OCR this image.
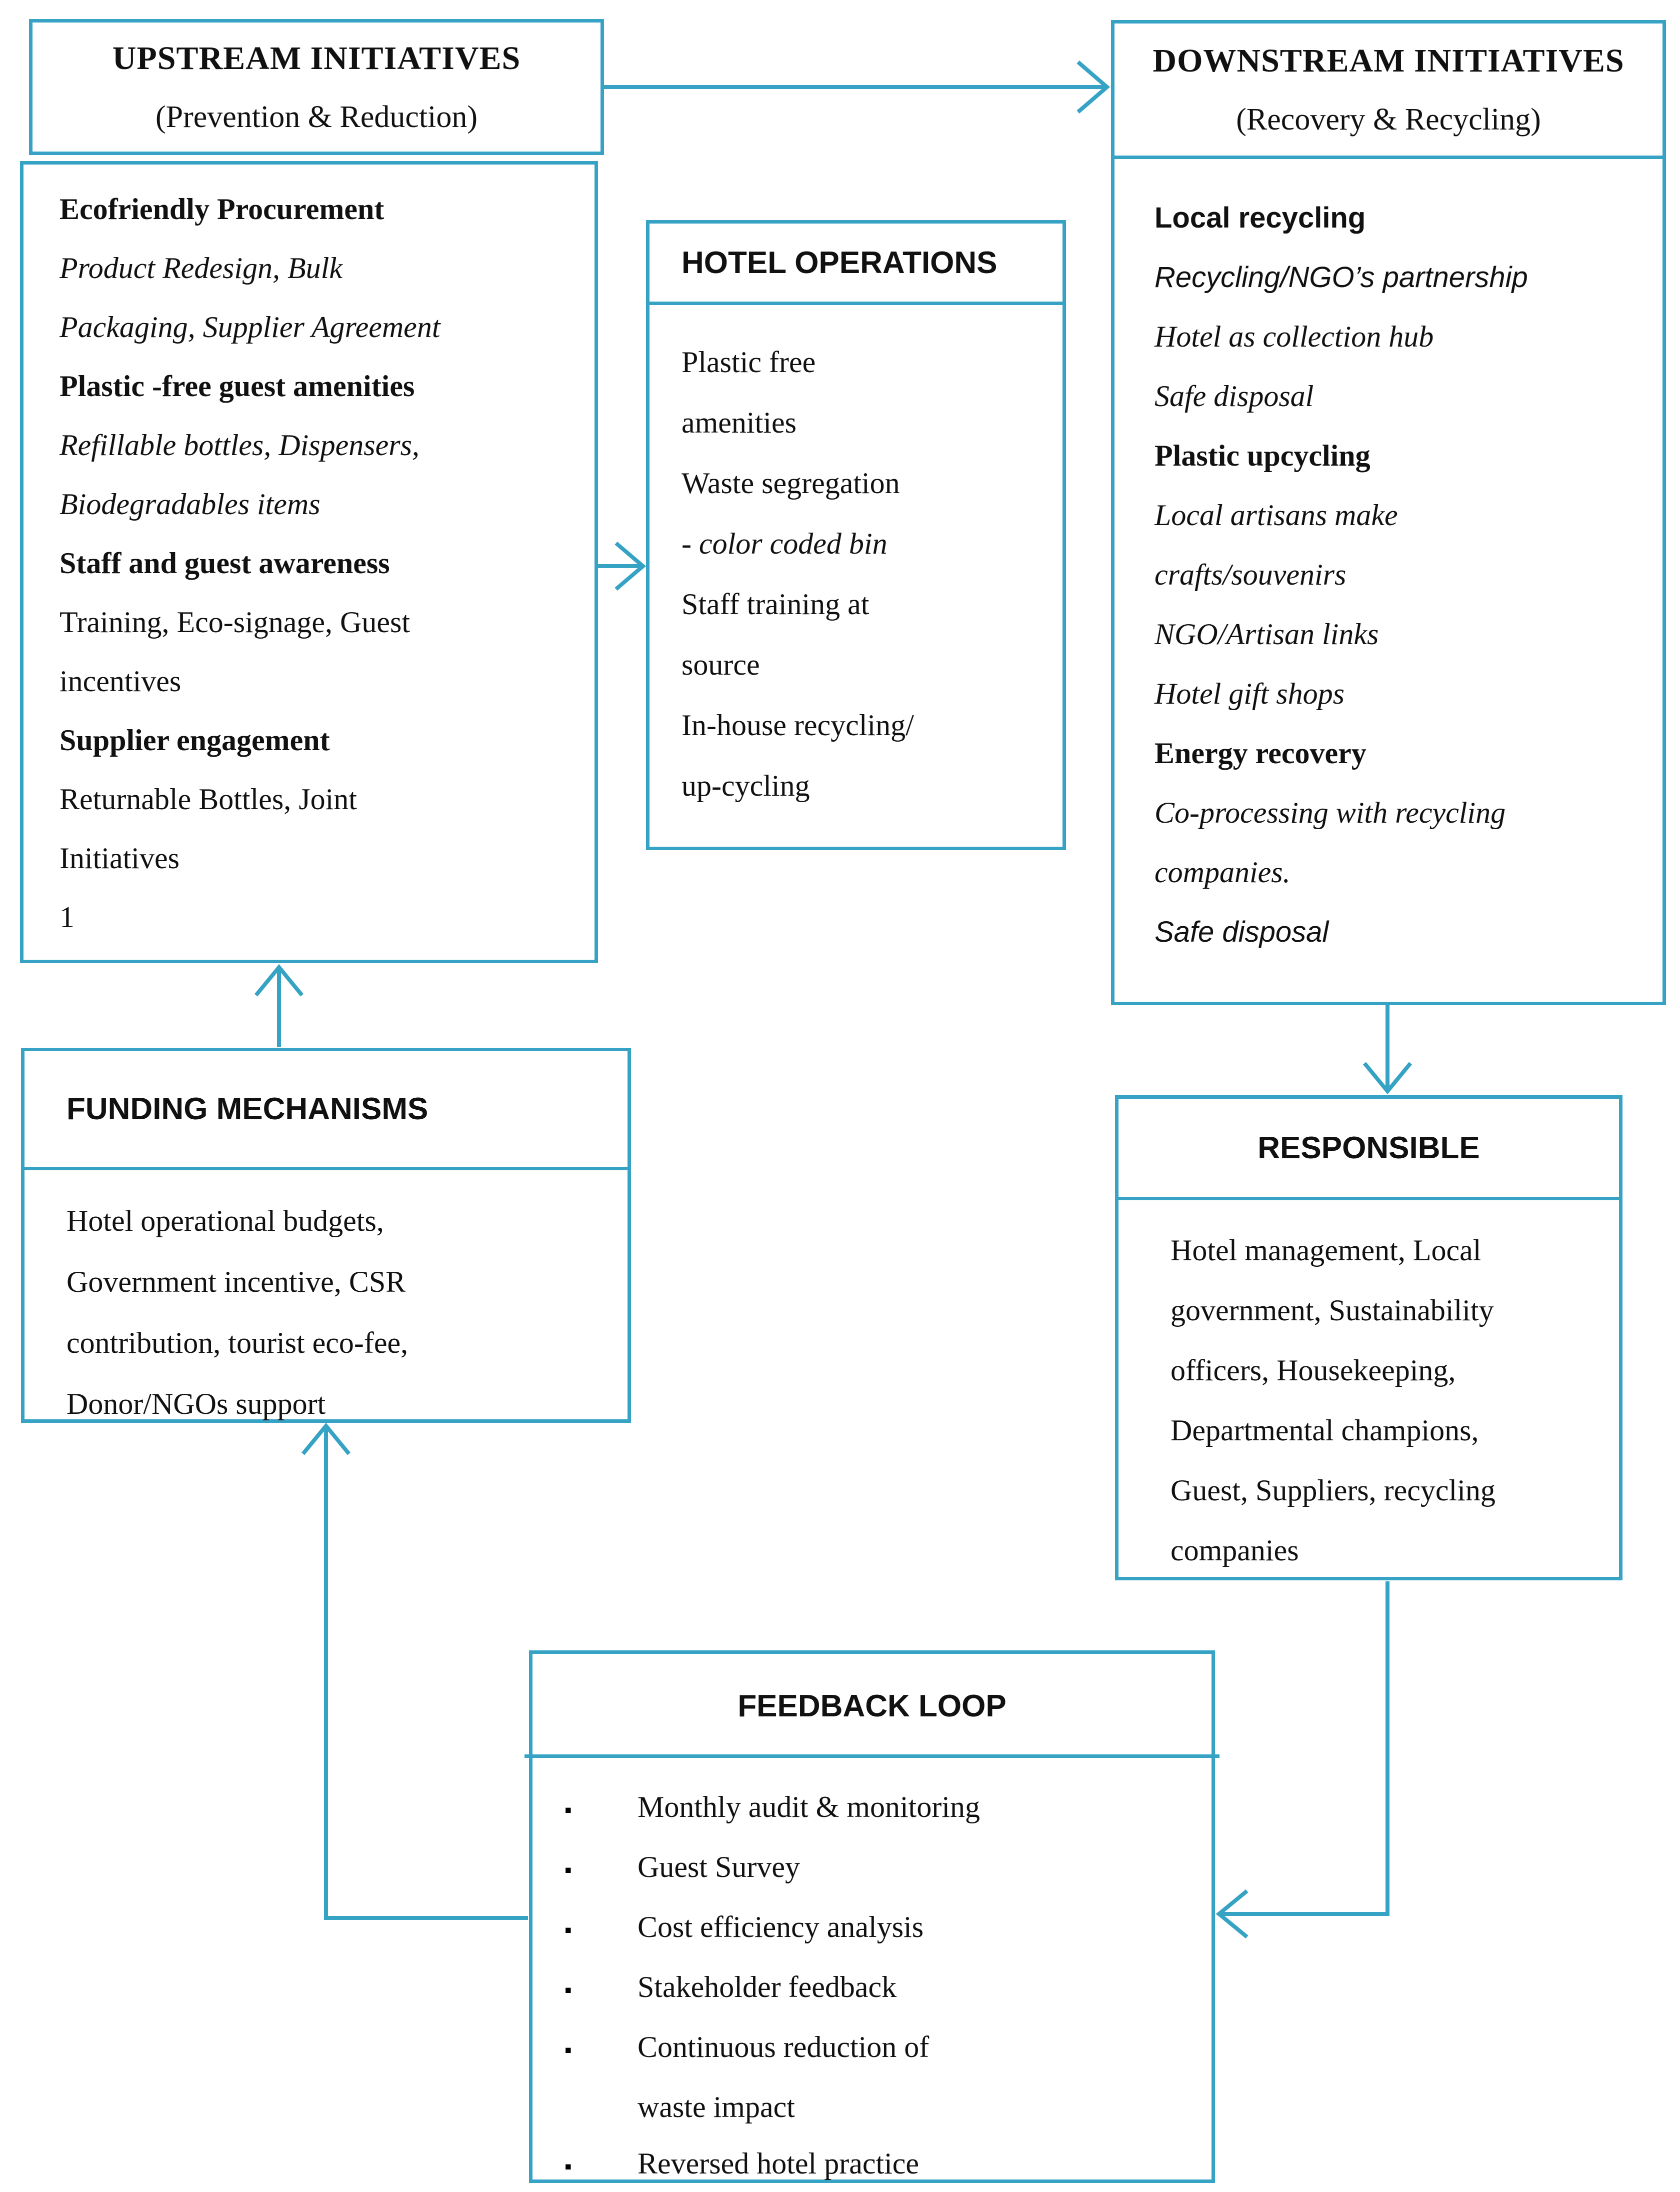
UPSTREAM INITIATIVES
(Prevention & Reduction)
Ecofriendly Procurement
Product Redesign, Bulk
Packaging, Supplier Agreement
Plastic -free guest amenities
Refillable bottles, Dispensers,
Biodegradables items
Staff and guest awareness
Training, Eco-signage, Guest
incentives
Supplier engagement
Returnable Bottles, Joint
Initiatives
1
HOTEL OPERATIONS
Plastic free
amenities
Waste segregation
- color coded bin
Staff training at
source
In-house recycling/
up-cycling
DOWNSTREAM INITIATIVES
(Recovery & Recycling)
Local recycling
Recycling/NGO’s partnership
Hotel as collection hub
Safe disposal
Plastic upcycling
Local artisans make
crafts/souvenirs
NGO/Artisan links
Hotel gift shops
Energy recovery
Co-processing with recycling
companies.
Safe disposal
FUNDING MECHANISMS
Hotel operational budgets,
Government incentive, CSR
contribution, tourist eco-fee,
Donor/NGOs support
RESPONSIBLE
Hotel management, Local
government, Sustainability
officers, Housekeeping,
Departmental champions,
Guest, Suppliers, recycling
companies
FEEDBACK LOOP
▪	Monthly audit & monitoring
▪	Guest Survey
▪	Cost efficiency analysis
▪	Stakeholder feedback
▪	Continuous reduction of
waste impact
▪	Reversed hotel practice
